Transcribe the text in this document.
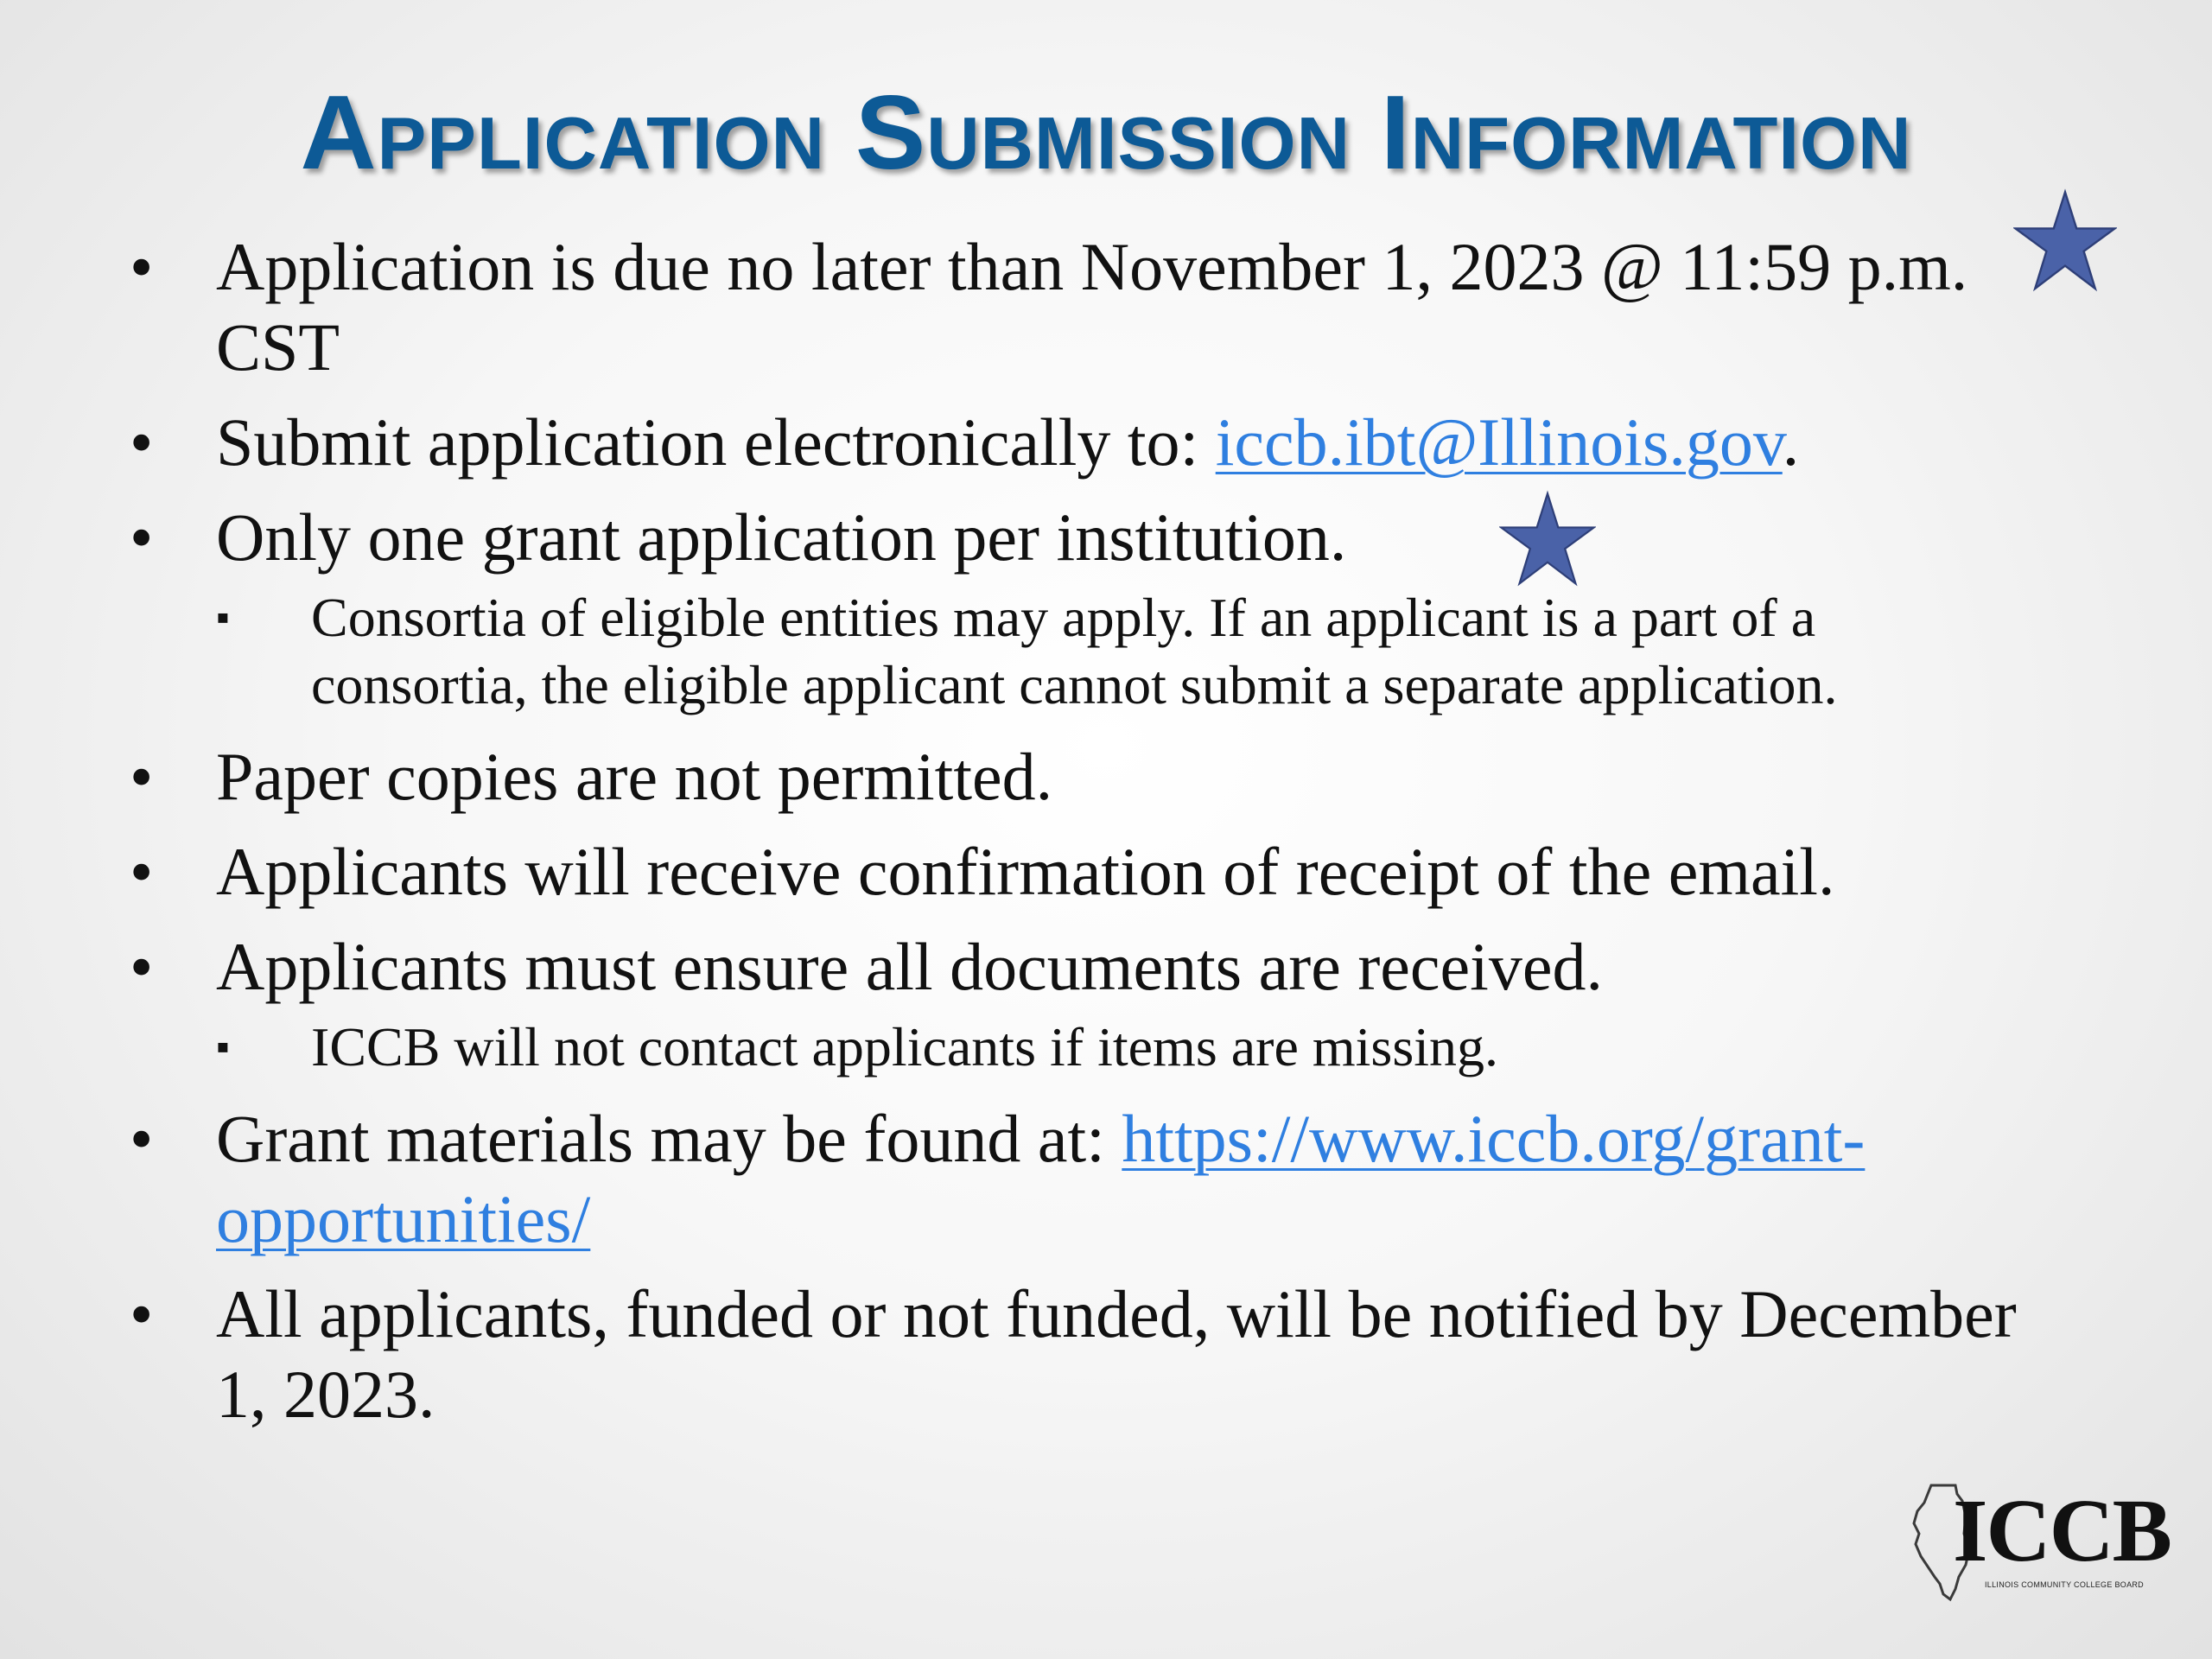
Application Submission Information
• Application is due no later than November 1, 2023 @ 11:59 p.m. CST
• Submit application electronically to: iccb.ibt@Illinois.gov.
• Only one grant application per institution.
▪ Consortia of eligible entities may apply. If an applicant is a part of a consortia, the eligible applicant cannot submit a separate application.
• Paper copies are not permitted.
• Applicants will receive confirmation of receipt of the email.
• Applicants must ensure all documents are received.
▪ ICCB will not contact applicants if items are missing.
• Grant materials may be found at: https://www.iccb.org/grant-opportunities/
• All applicants, funded or not funded, will be notified by December 1, 2023.
ICCB
ILLINOIS COMMUNITY COLLEGE BOARD
